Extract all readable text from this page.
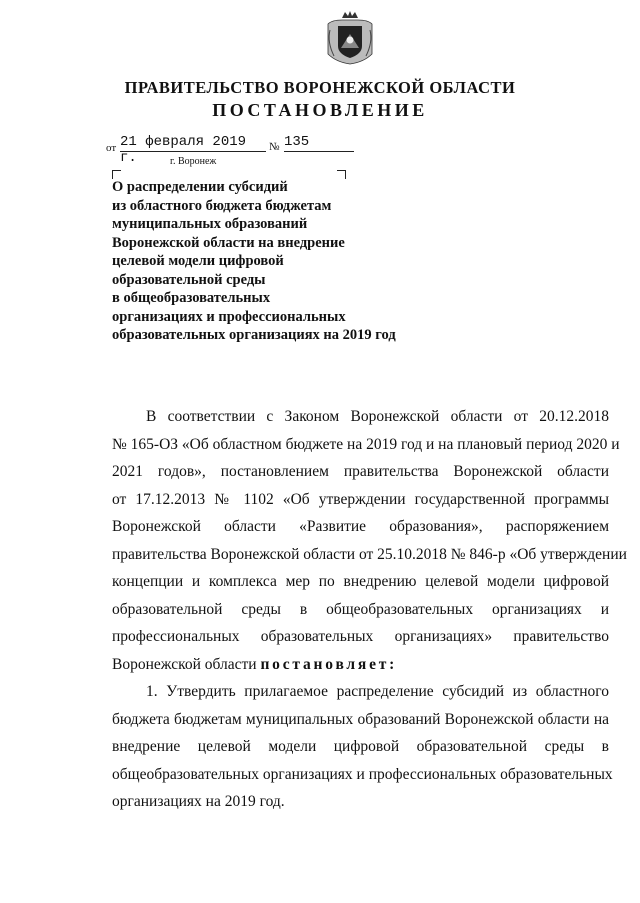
ПРАВИТЕЛЬСТВО ВОРОНЕЖСКОЙ ОБЛАСТИ
ПОСТАНОВЛЕНИЕ
от 21 февраля 2019 г.
№ 135
г. Воронеж
О распределении субсидий
из областного бюджета бюджетам
муниципальных образований
Воронежской области на внедрение
целевой модели цифровой
образовательной среды
в общеобразовательных
организациях и профессиональных
образовательных организациях на 2019 год
В соответствии с Законом Воронежской области от 20.12.2018
№ 165-ОЗ «Об областном бюджете на 2019 год и на плановый период 2020 и
2021 годов», постановлением правительства Воронежской области
от 17.12.2013 № 1102 «Об утверждении государственной программы
Воронежской области «Развитие образования», распоряжением
правительства Воронежской области от 25.10.2018 № 846-р «Об утверждении
концепции и комплекса мер по внедрению целевой модели цифровой
образовательной среды в общеобразовательных организациях и
профессиональных образовательных организациях» правительство
Воронежской области постановляет:
1. Утвердить прилагаемое распределение субсидий из областного
бюджета бюджетам муниципальных образований Воронежской области на
внедрение целевой модели цифровой образовательной среды в
общеобразовательных организациях и профессиональных образовательных
организациях на 2019 год.
